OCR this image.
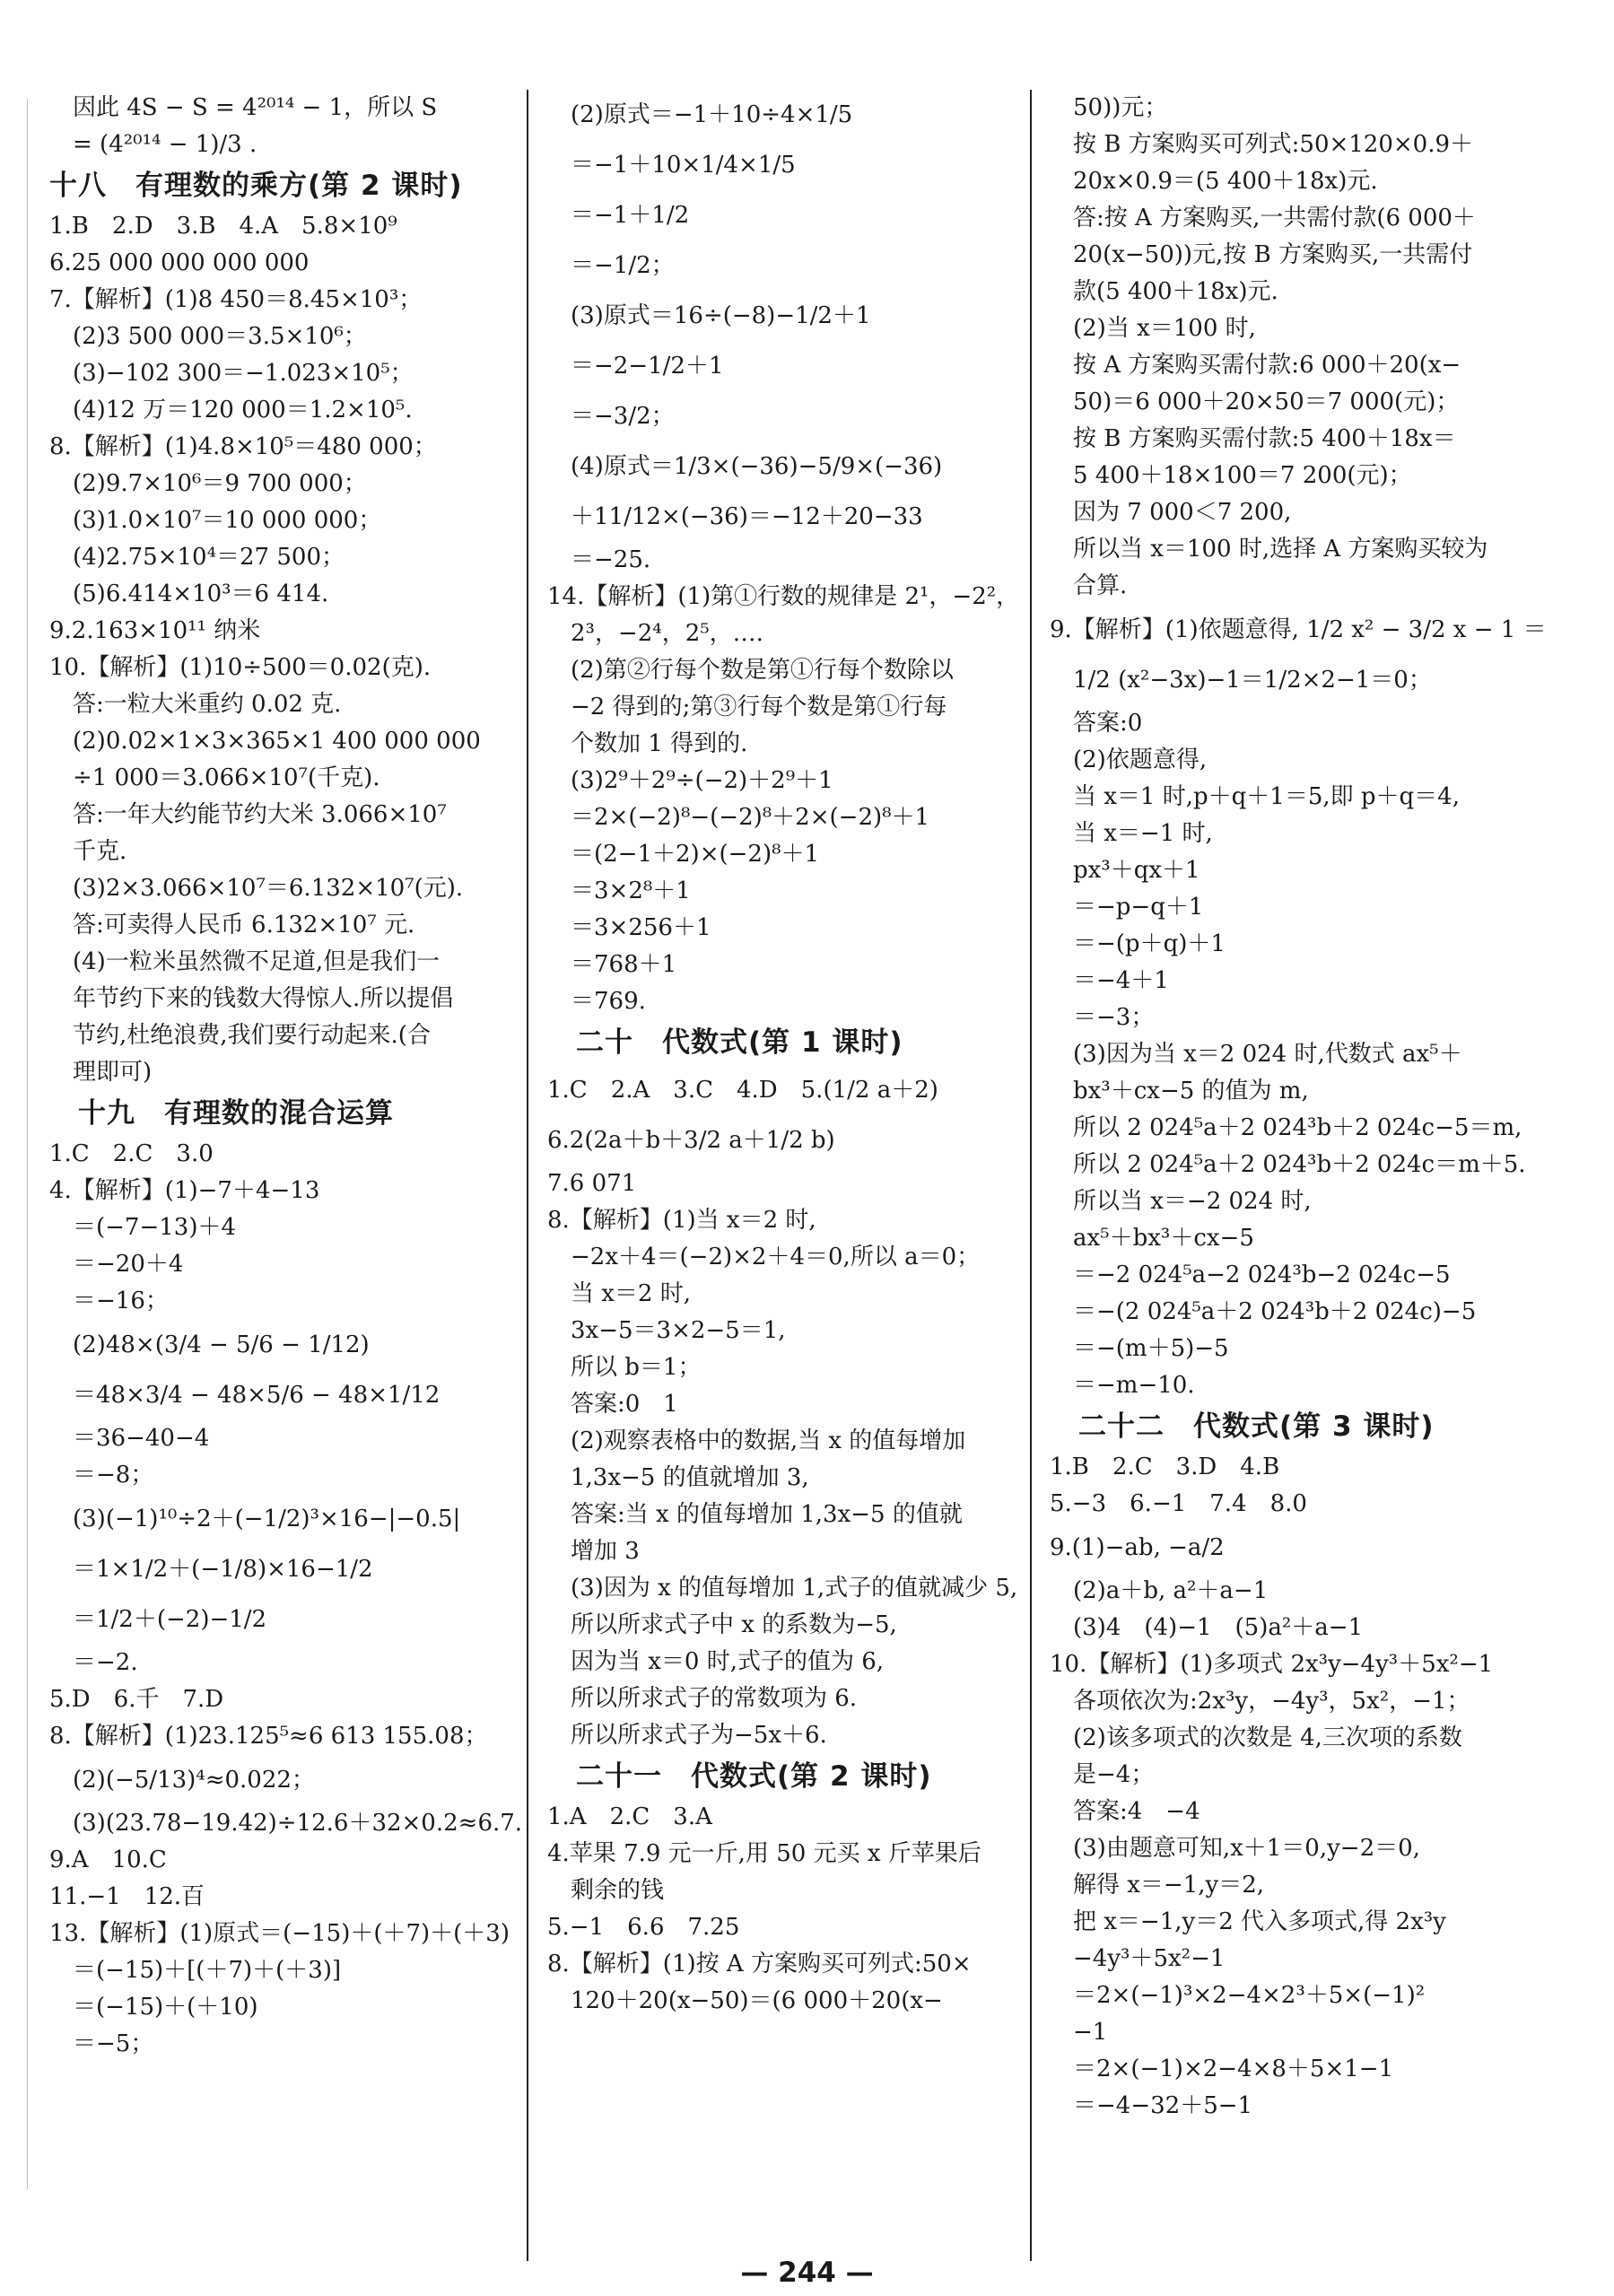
因此 4S − S = 4²⁰¹⁴ − 1，所以 S
= (4²⁰¹⁴ − 1)/3 .
十八　有理数的乘方(第 2 课时)
1.B　2.D　3.B　4.A　5.8×10⁹
6.25 000 000 000 000
7.【解析】(1)8 450＝8.45×10³；
(2)3 500 000＝3.5×10⁶；
(3)−102 300＝−1.023×10⁵；
(4)12 万＝120 000＝1.2×10⁵.
8.【解析】(1)4.8×10⁵＝480 000；
(2)9.7×10⁶＝9 700 000；
(3)1.0×10⁷＝10 000 000；
(4)2.75×10⁴＝27 500；
(5)6.414×10³＝6 414.
9.2.163×10¹¹ 纳米
10.【解析】(1)10÷500＝0.02(克).
答:一粒大米重约 0.02 克.
(2)0.02×1×3×365×1 400 000 000
÷1 000＝3.066×10⁷(千克).
答:一年大约能节约大米 3.066×10⁷
千克.
(3)2×3.066×10⁷＝6.132×10⁷(元).
答:可卖得人民币 6.132×10⁷ 元.
(4)一粒米虽然微不足道,但是我们一
年节约下来的钱数大得惊人.所以提倡
节约,杜绝浪费,我们要行动起来.(合
理即可)
　十九　有理数的混合运算
1.C　2.C　3.0
4.【解析】(1)−7＋4−13
＝(−7−13)＋4
＝−20＋4
＝−16；
(2)48×(3/4 − 5/6 − 1/12)
＝48×3/4 − 48×5/6 − 48×1/12
＝36−40−4
＝−8；
(3)(−1)¹⁰÷2＋(−1/2)³×16−|−0.5|
＝1×1/2＋(−1/8)×16−1/2
＝1/2＋(−2)−1/2
＝−2.
5.D　6.千　7.D
8.【解析】(1)23.125⁵≈6 613 155.08；
(2)(−5/13)⁴≈0.022；
(3)(23.78−19.42)÷12.6＋32×0.2≈6.7.
9.A　10.C
11.−1　12.百
13.【解析】(1)原式＝(−15)＋(＋7)＋(＋3)
＝(−15)＋[(＋7)＋(＋3)]
＝(−15)＋(＋10)
＝−5；
(2)原式＝−1＋10÷4×1/5
＝−1＋10×1/4×1/5
＝−1＋1/2
＝−1/2；
(3)原式＝16÷(−8)−1/2＋1
＝−2−1/2＋1
＝−3/2；
(4)原式＝1/3×(−36)−5/9×(−36)
＋11/12×(−36)＝−12＋20−33
＝−25.
14.【解析】(1)第①行数的规律是 2¹，−2²，
2³，−2⁴，2⁵，….
(2)第②行每个数是第①行每个数除以
−2 得到的;第③行每个数是第①行每
个数加 1 得到的.
(3)2⁹＋2⁹÷(−2)＋2⁹＋1
＝2×(−2)⁸−(−2)⁸＋2×(−2)⁸＋1
＝(2−1＋2)×(−2)⁸＋1
＝3×2⁸＋1
＝3×256＋1
＝768＋1
＝769.
　二十　代数式(第 1 课时)
1.C　2.A　3.C　4.D　5.(1/2 a＋2)
6.2(2a＋b＋3/2 a＋1/2 b)
7.6 071
8.【解析】(1)当 x＝2 时,
−2x＋4＝(−2)×2＋4＝0,所以 a＝0；
当 x＝2 时,
3x−5＝3×2−5＝1,
所以 b＝1；
答案:0　1
(2)观察表格中的数据,当 x 的值每增加
1,3x−5 的值就增加 3,
答案:当 x 的值每增加 1,3x−5 的值就
增加 3
(3)因为 x 的值每增加 1,式子的值就减少 5,
所以所求式子中 x 的系数为−5,
因为当 x＝0 时,式子的值为 6,
所以所求式子的常数项为 6.
所以所求式子为−5x＋6.
　二十一　代数式(第 2 课时)
1.A　2.C　3.A
4.苹果 7.9 元一斤,用 50 元买 x 斤苹果后
剩余的钱
5.−1　6.6　7.25
8.【解析】(1)按 A 方案购买可列式:50×
120＋20(x−50)＝(6 000＋20(x−
50))元；
按 B 方案购买可列式:50×120×0.9＋
20x×0.9＝(5 400＋18x)元.
答:按 A 方案购买,一共需付款(6 000＋
20(x−50))元,按 B 方案购买,一共需付
款(5 400＋18x)元.
(2)当 x＝100 时,
按 A 方案购买需付款:6 000＋20(x−
50)＝6 000＋20×50＝7 000(元)；
按 B 方案购买需付款:5 400＋18x＝
5 400＋18×100＝7 200(元)；
因为 7 000＜7 200,
所以当 x＝100 时,选择 A 方案购买较为
合算.
9.【解析】(1)依题意得, 1/2 x² − 3/2 x − 1 ＝
1/2 (x²−3x)−1＝1/2×2−1＝0；
答案:0
(2)依题意得,
当 x＝1 时,p＋q＋1＝5,即 p＋q＝4,
当 x＝−1 时,
px³＋qx＋1
＝−p−q＋1
＝−(p＋q)＋1
＝−4＋1
＝−3；
(3)因为当 x＝2 024 时,代数式 ax⁵＋
bx³＋cx−5 的值为 m,
所以 2 024⁵a＋2 024³b＋2 024c−5＝m,
所以 2 024⁵a＋2 024³b＋2 024c＝m＋5.
所以当 x＝−2 024 时,
ax⁵＋bx³＋cx−5
＝−2 024⁵a−2 024³b−2 024c−5
＝−(2 024⁵a＋2 024³b＋2 024c)−5
＝−(m＋5)−5
＝−m−10.
　二十二　代数式(第 3 课时)
1.B　2.C　3.D　4.B
5.−3　6.−1　7.4　8.0
9.(1)−ab, −a/2
(2)a＋b, a²＋a−1
(3)4　(4)−1　(5)a²＋a−1
10.【解析】(1)多项式 2x³y−4y³＋5x²−1
各项依次为:2x³y，−4y³，5x²，−1；
(2)该多项式的次数是 4,三次项的系数
是−4；
答案:4　−4
(3)由题意可知,x＋1＝0,y−2＝0,
解得 x＝−1,y＝2,
把 x＝−1,y＝2 代入多项式,得 2x³y
−4y³＋5x²−1
＝2×(−1)³×2−4×2³＋5×(−1)²
−1
＝2×(−1)×2−4×8＋5×1−1
＝−4−32＋5−1
— 244 —
